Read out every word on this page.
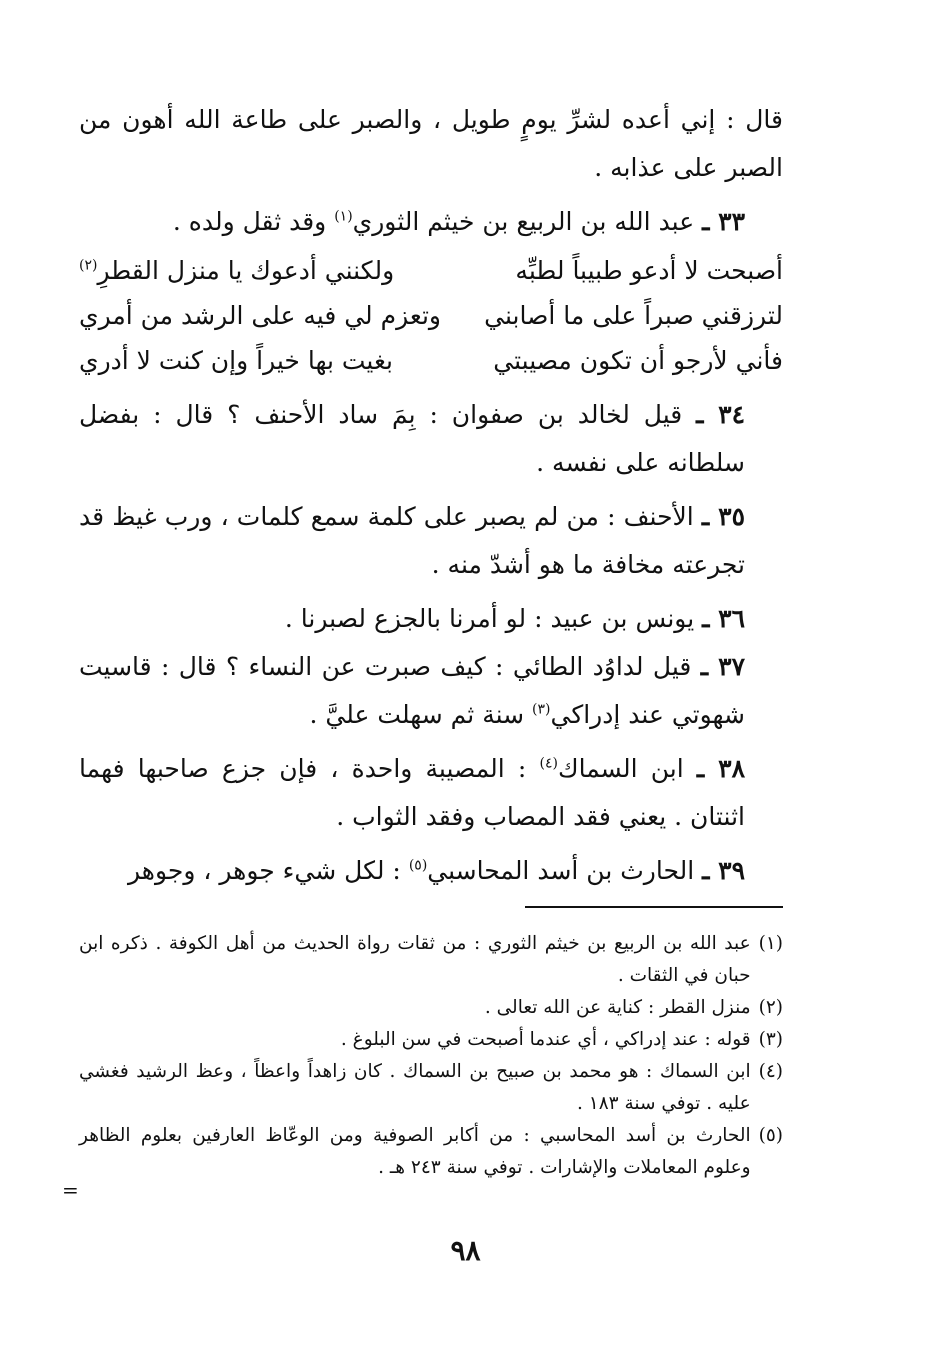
قال : إني أعده لشرِّ يومٍ طويل ، والصبر على طاعة الله أهون من الصبر على عذابه .

٣٣ ـ عبد الله بن الربيع بن خيثم الثوري$^{(١)}$ وقد ثقل ولده .

أصبحت لا أدعو طبيباً لطبِّه
ولكنني أدعوك يا منزل القطرِ$^{(٢)}$
لترزقني صبراً على ما أصابني
وتعزم لي فيه على الرشد من أمري
فأني لأرجو أن تكون مصيبتي
بغيت بها خيراً وإن كنت لا أدري

٣٤ ـ قيل لخالد بن صفوان : بِمَ ساد الأحنف ؟ قال : بفضل سلطانه على نفسه .

٣٥ ـ الأحنف : من لم يصبر على كلمة سمع كلمات ، ورب غيظ قد تجرعته مخافة ما هو أشدّ منه .

٣٦ ـ يونس بن عبيد : لو أمرنا بالجزع لصبرنا .

٣٧ ـ قيل لداوُد الطائي : كيف صبرت عن النساء ؟ قال : قاسيت شهوتي عند إدراكي$^{(٣)}$ سنة ثم سهلت عليَّ .

٣٨ ـ ابن السماك$^{(٤)}$ : المصيبة واحدة ، فإن جزع صاحبها فهما اثنتان . يعني فقد المصاب وفقد الثواب .

٣٩ ـ الحارث بن أسد المحاسبي$^{(٥)}$ : لكل شيء جوهر ، وجوهر

(١)
عبد الله بن الربيع بن خيثم الثوري : من ثقات رواة الحديث من أهل الكوفة . ذكره ابن حبان في الثقات .
(٢)
منزل القطر : كناية عن الله تعالى .
(٣)
قوله : عند إدراكي ، أي عندما أصبحت في سن البلوغ .
(٤)
ابن السماك : هو محمد بن صبيح بن السماك . كان زاهداً واعظاً ، وعظ الرشيد فغشي عليه . توفي سنة ١٨٣ .
(٥)
الحارث بن أسد المحاسبي : من أكابر الصوفية ومن الوعّاظ العارفين بعلوم الظاهر وعلوم المعاملات والإشارات . توفي سنة ٢٤٣ هـ .
=
٩٨
